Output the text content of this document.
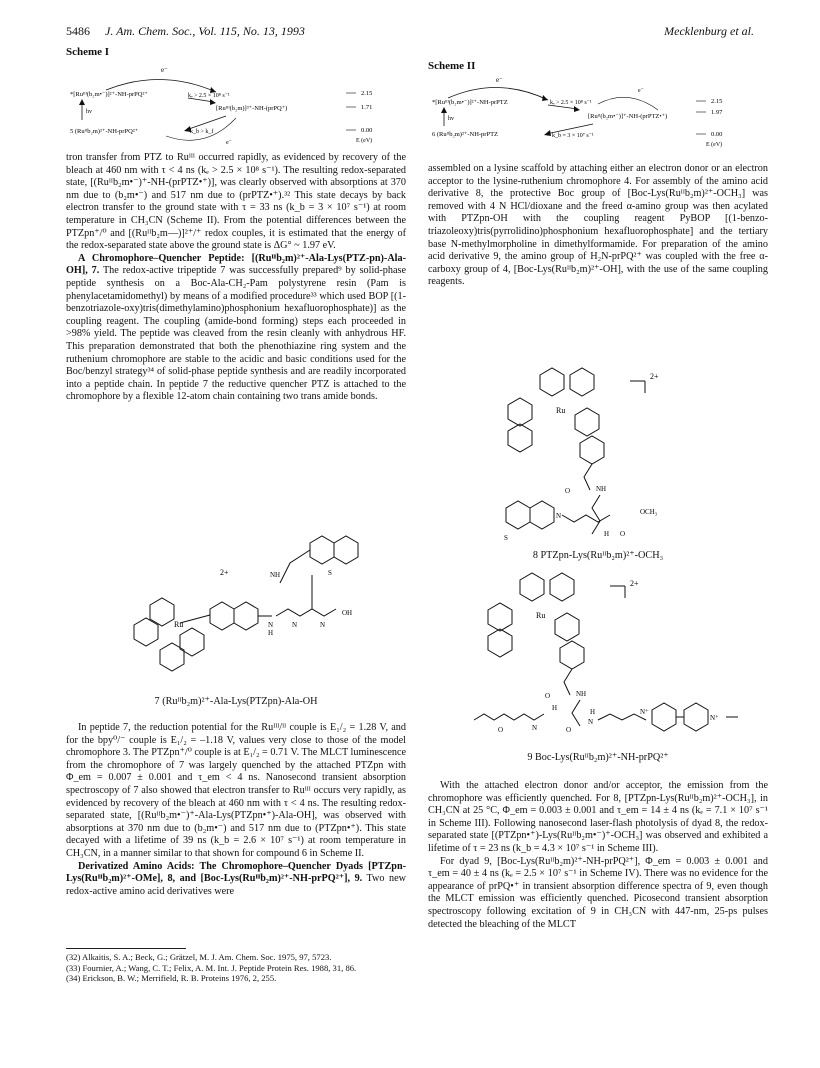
5486 J. Am. Chem. Soc., Vol. 115, No. 13, 1993	Mecklenburg et al.
Scheme I
e⁻
*[Ruᴵᴵᴵ(b₂m•⁻)]²⁺-NH-prPQ²⁺	kₑ > 2.5 × 10⁸ s⁻¹
[Ruᴵᴵᴵ(b₂m)]³⁺-NH-(prPQ⁺)
hv
5 (Ruᴵᴵb₂m)²⁺-NH-prPQ²⁺	k_b > k_f
e⁻
2.15
1.71
0.00
E (eV)
Scheme II
e⁻
*[Ruᴵᴵᴵ(b₂m•⁻)]²⁺-NH-prPTZ	kₑ > 2.5 × 10⁸ s⁻¹
[Ruᴵᴵ(b₂m•⁻)]⁺-NH-(prPTZ•⁺)
e⁻
hv
6 (Ruᴵᴵb₂m)²⁺-NH-prPTZ	k_b = 3 × 10⁷ s⁻¹
2.15
1.97
0.00
E (eV)

tron transfer from PTZ to Ruᴵᴵᴵ occurred rapidly, as evidenced by recovery of the bleach at 460 nm with τ < 4 ns (kₑ > 2.5 × 10⁸ s⁻¹). The resulting redox-separated state, [(Ruᴵᴵb₂m•⁻)⁺-NH-(prPTZ•⁺)], was clearly observed with absorptions at 370 nm due to (b₂m•⁻) and 517 nm due to (prPTZ•⁺).³² This state decays by back electron transfer to the ground state with τ = 33 ns (k_b = 3 × 10⁷ s⁻¹) at room temperature in CH₃CN (Scheme II). From the potential differences between the PTZpn⁺/⁰ and [(Ruᴵᴵb₂m—)]²⁺/⁺ redox couples, it is estimated that the energy of the redox-separated state above the ground state is ΔG° ~ 1.97 eV.

A Chromophore–Quencher Peptide: [(Ruᴵᴵb₂m)²⁺-Ala-Lys(PTZ-pn)-Ala-OH], 7. The redox-active tripeptide 7 was successfully prepared⁹ by solid-phase peptide synthesis on a Boc-Ala-CH₂-Pam polystyrene resin (Pam is phenylacetamidomethyl) by means of a modified procedure³³ which used BOP [(1-benzotriazole-oxy)tris(dimethylamino)phosphonium hexafluorophosphate)] as the coupling reagent. The coupling (amide-bond forming) steps each proceeded in >98% yield. The peptide was cleaved from the resin cleanly with anhydrous HF. This preparation demonstrated that both the phenothiazine ring system and the ruthenium chromophore are stable to the acidic and basic conditions used for the Boc/benzyl strategy³⁴ of solid-phase peptide synthesis and are readily incorporated into a peptide chain. In peptide 7 the reductive quencher PTZ is attached to the chromophore by a flexible 12-atom chain containing two trans amide bonds.

Ru	N
H
N	N
OH
NH
2+	S
7 (Ruᴵᴵb₂m)²⁺-Ala-Lys(PTZpn)-Ala-OH

In peptide 7, the reduction potential for the Ruᴵᴵᴵ/ᴵᴵ couple is E₁/₂ = 1.28 V, and for the bpy⁰/⁻ couple is E₁/₂ = –1.18 V, values very close to those of the model chromophore 3. The PTZpn⁺/⁰ couple is at E₁/₂ = 0.71 V. The MLCT luminescence from the chromophore of 7 was largely quenched by the attached PTZpn with Φ_em = 0.007 ± 0.001 and τ_em < 4 ns. Nanosecond transient absorption spectroscopy of 7 also showed that electron transfer to Ruᴵᴵᴵ occurs very rapidly, as evidenced by recovery of the bleach at 460 nm with τ < 4 ns. The resulting redox-separated state, [(Ruᴵᴵb₂m•⁻)⁺-Ala-Lys(PTZpn•⁺)-Ala-OH], was observed with absorptions at 370 nm due to (b₂m•⁻) and 517 nm due to (PTZpn•⁺). This state decayed with a lifetime of 39 ns (k_b = 2.6 × 10⁷ s⁻¹) at room temperature in CH₃CN, in a manner similar to that shown for compound 6 in Scheme II.

Derivatized Amino Acids: The Chromophore–Quencher Dyads [PTZpn-Lys(Ruᴵᴵb₂m)²⁺-OMe], 8, and [Boc-Lys(Ruᴵᴵb₂m)²⁺-NH-prPQ²⁺], 9. Two new redox-active amino acid derivatives were

(32) Alkaitis, S. A.; Beck, G.; Grätzel, M. J. Am. Chem. Soc. 1975, 97, 5723.
(33) Fournier, A.; Wang, C. T.; Felix, A. M. Int. J. Peptide Protein Res. 1988, 31, 86.
(34) Erickson, B. W.; Merrifield, R. B. Proteins 1976, 2, 255.

assembled on a lysine scaffold by attaching either an electron donor or an electron acceptor to the lysine-ruthenium chromophore 4. For assembly of the amino acid derivative 8, the protective Boc group of [Boc-Lys(Ruᴵᴵb₂m)²⁺-OCH₃] was removed with 4 N HCl/dioxane and the freed α-amino group was then acylated with PTZpn-OH with the coupling reagent PyBOP [(1-benzo-triazoleoxy)tris(pyrrolidino)phosphonium hexafluorophosphate] and the tertiary base N-methylmorpholine in dimethylformamide. For preparation of the amino acid derivative 9, the amino group of H₂N-prPQ²⁺ was coupled with the free α-carboxy group of 4, [Boc-Lys(Ruᴵᴵb₂m)²⁺-OH], with the use of the same coupling reagents.

Ru
O	NH
2+
S
N
H O
OCH₃
8 PTZpn-Lys(Ruᴵᴵb₂m)²⁺-OCH₃
Ru
O	NH
2+
O	N
H
O
H
N
N⁺
N⁺
9 Boc-Lys(Ruᴵᴵb₂m)²⁺-NH-prPQ²⁺

With the attached electron donor and/or acceptor, the emission from the chromophore was efficiently quenched. For 8, [PTZpn-Lys(Ruᴵᴵb₂m)²⁺-OCH₃], in CH₃CN at 25 °C, Φ_em = 0.003 ± 0.001 and τ_em = 14 ± 4 ns (kₑ = 7.1 × 10⁷ s⁻¹ in Scheme III). Following nanosecond laser-flash photolysis of dyad 8, the redox-separated state [(PTZpn•⁺)-Lys(Ruᴵᴵb₂m•⁻)⁺-OCH₃] was observed and exhibited a lifetime of τ = 23 ns (k_b = 4.3 × 10⁷ s⁻¹ in Scheme III).

For dyad 9, [Boc-Lys(Ruᴵᴵb₂m)²⁺-NH-prPQ²⁺], Φ_em = 0.003 ± 0.001 and τ_em = 40 ± 4 ns (kₑ = 2.5 × 10⁷ s⁻¹ in Scheme IV). There was no evidence for the appearance of prPQ•⁺ in transient absorption difference spectra of 9, even though the MLCT emission was efficiently quenched. Picosecond transient absorption spectroscopy following excitation of 9 in CH₃CN with 447-nm, 25-ps pulses detected the bleaching of the MLCT
